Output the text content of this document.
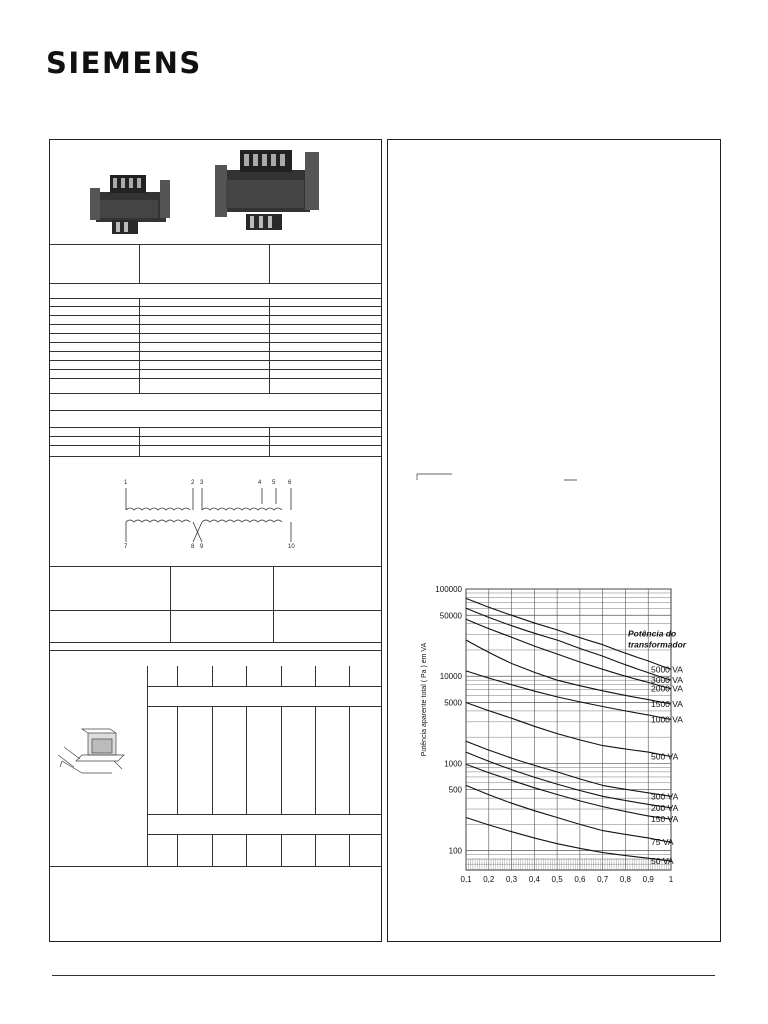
SIEMENS
1	2 3	4 5 6
7	8 9	10
0,1 0,2 0,3 0,4 0,5 0,6 0,7 0,8 0,9 1
100000
50000
10000
5000
1000
500
100
Potência aparente total ( Pa ) em VA
Potência do
transformador
5000 VA
3000 VA
2000 VA
1500 VA
1000 VA
500 VA
300 VA
200 VA
150 VA
75 VA
50 VA
